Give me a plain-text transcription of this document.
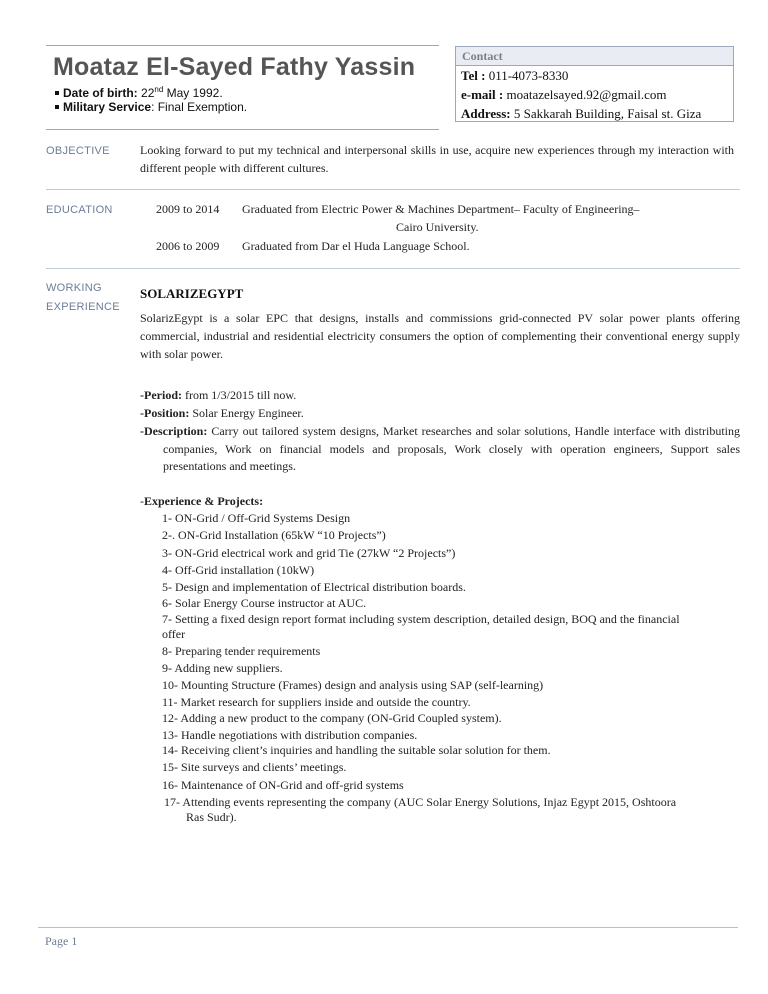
Moataz El-Sayed Fathy Yassin
Date of birth: 22nd May 1992.
Military Service: Final Exemption.
Contact
Tel : 011-4073-8330
e-mail : moatazelsayed.92@gmail.com
Address: 5 Sakkarah Building, Faisal st. Giza
OBJECTIVE	Looking forward to put my technical and interpersonal skills in use, acquire new experiences through my interaction with different people with different cultures.
EDUCATION	2009 to 2014 Graduated from Electric Power & Machines Department– Faculty of Engineering–
Cairo University.
2006 to 2009 Graduated from Dar el Huda Language School.
WORKING
EXPERIENCE
SOLARIZEGYPT
SolarizEgypt is a solar EPC that designs, installs and commissions grid-connected PV solar power plants offering commercial, industrial and residential electricity consumers the option of complementing their conventional energy supply with solar power.
-Period: from 1/3/2015 till now.
-Position: Solar Energy Engineer.
-Description: Carry out tailored system designs, Market researches and solar solutions, Handle interface with distributing companies, Work on financial models and proposals, Work closely with operation engineers, Support sales presentations and meetings.
-Experience & Projects:
1- ON-Grid / Off-Grid Systems Design
2-. ON-Grid Installation (65kW “10 Projects”)
3- ON-Grid electrical work and grid Tie (27kW “2 Projects”)
4- Off-Grid installation (10kW)
5- Design and implementation of Electrical distribution boards.
6- Solar Energy Course instructor at AUC.
7- Setting a fixed design report format including system description, detailed design, BOQ and the financial
offer
8- Preparing tender requirements
9- Adding new suppliers.
10- Mounting Structure (Frames) design and analysis using SAP (self-learning)
11- Market research for suppliers inside and outside the country.
12- Adding a new product to the company (ON-Grid Coupled system).
13- Handle negotiations with distribution companies.
14- Receiving client’s inquiries and handling the suitable solar solution for them.
15- Site surveys and clients’ meetings.
16- Maintenance of ON-Grid and off-grid systems
17- Attending events representing the company (AUC Solar Energy Solutions, Injaz Egypt 2015, Oshtoora
Ras Sudr).
Page 1
